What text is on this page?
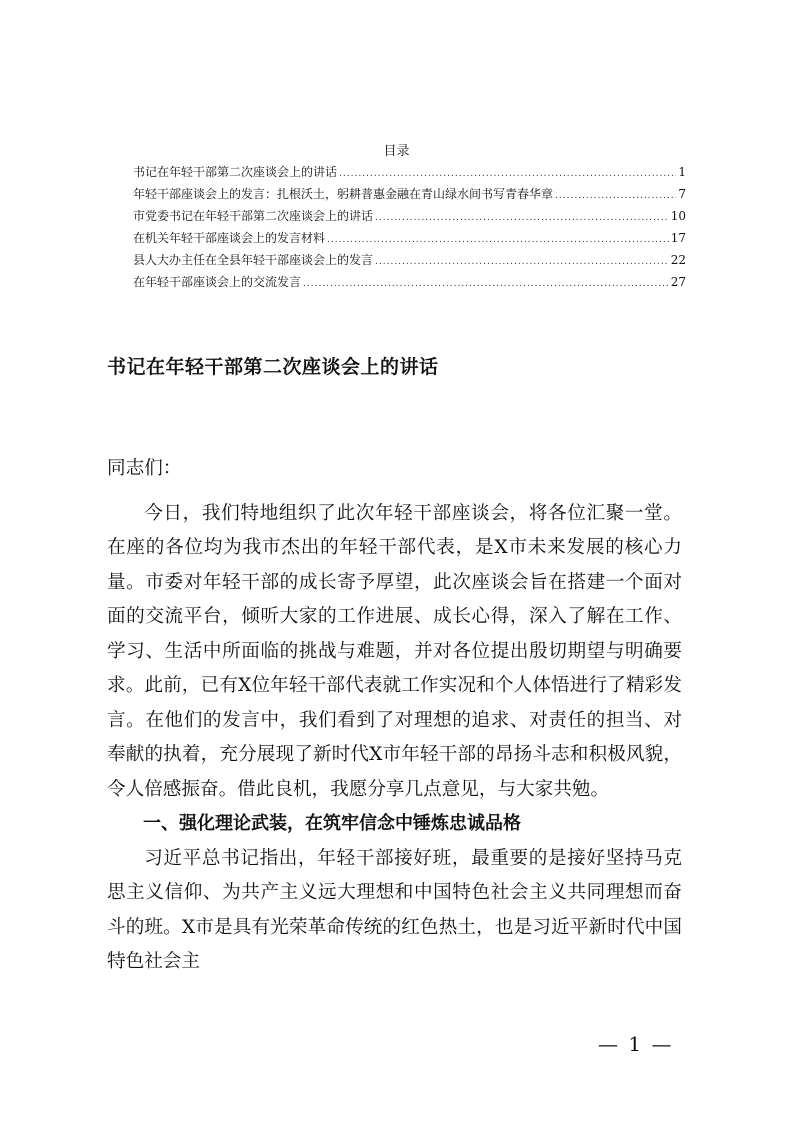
目录
书记在年轻干部第二次座谈会上的讲话 .....	1
年轻干部座谈会上的发言：扎根沃土，躬耕普惠金融在青山绿水间书写青春华章 .....	7
市党委书记在年轻干部第二次座谈会上的讲话 .....	10
在机关年轻干部座谈会上的发言材料 .....	17
县人大办主任在全县年轻干部座谈会上的发言 .....	22
在年轻干部座谈会上的交流发言 .....	27
书记在年轻干部第二次座谈会上的讲话

同志们：

今日，我们特地组织了此次年轻干部座谈会，将各位汇聚一堂。在座的各位均为我市杰出的年轻干部代表，是X市未来发展的核心力量。市委对年轻干部的成长寄予厚望，此次座谈会旨在搭建一个面对面的交流平台，倾听大家的工作进展、成长心得，深入了解在工作、学习、生活中所面临的挑战与难题，并对各位提出殷切期望与明确要求。此前，已有X位年轻干部代表就工作实况和个人体悟进行了精彩发言。在他们的发言中，我们看到了对理想的追求、对责任的担当、对奉献的执着，充分展现了新时代X市年轻干部的昂扬斗志和积极风貌，令人倍感振奋。借此良机，我愿分享几点意见，与大家共勉。

一、强化理论武装，在筑牢信念中锤炼忠诚品格

习近平总书记指出，年轻干部接好班，最重要的是接好坚持马克思主义信仰、为共产主义远大理想和中国特色社会主义共同理想而奋斗的班。X市是具有光荣革命传统的红色热土，也是习近平新时代中国特色社会主

— 1 —
